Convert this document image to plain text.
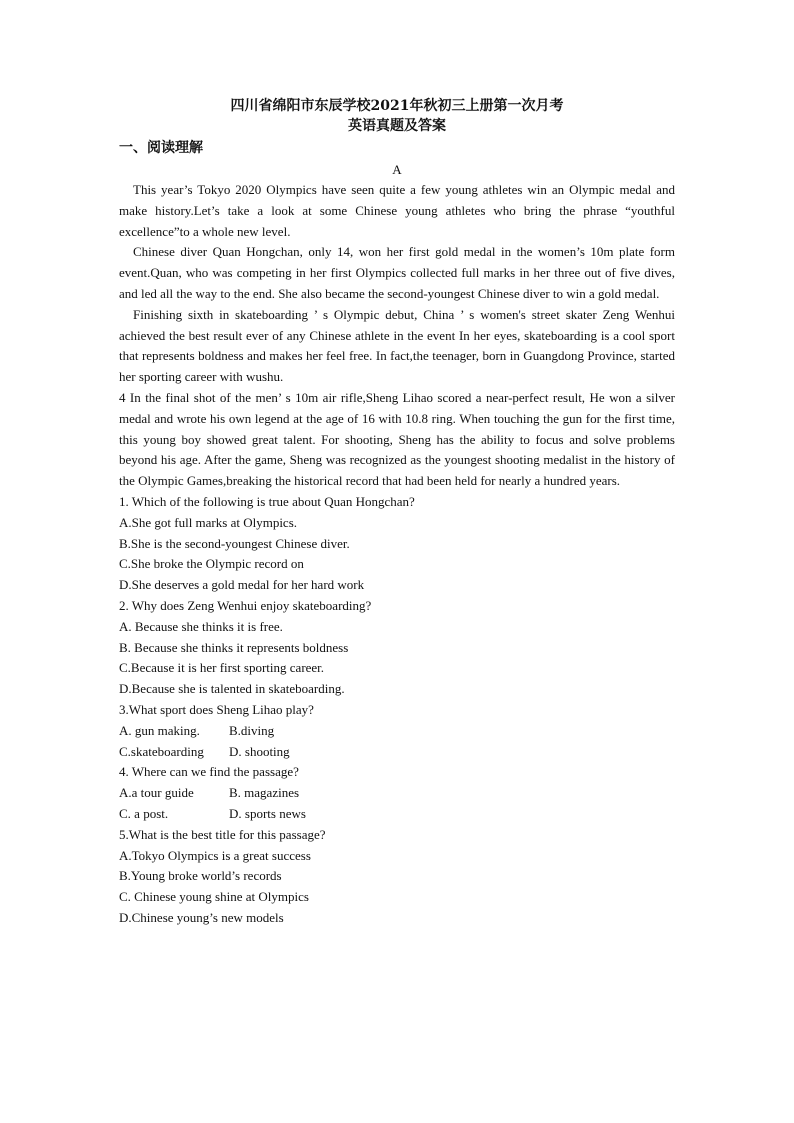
四川省绵阳市东辰学校2021年秋初三上册第一次月考
英语真题及答案
一、阅读理解
A

This year’s Tokyo 2020 Olympics have seen quite a few young athletes win an Olympic medal and make history.Let’s take a look at some Chinese young athletes who bring the phrase “youthful excellence”to a whole new level.

Chinese diver Quan Hongchan, only 14, won her first gold medal in the women’s 10m plate form event.Quan, who was competing in her first Olympics collected full marks in her three out of five dives, and led all the way to the end. She also became the second-youngest Chinese diver to win a gold medal.

Finishing sixth in skateboarding ’ s Olympic debut, China ’ s women's street skater Zeng Wenhui achieved the best result ever of any Chinese athlete in the event In her eyes, skateboarding is a cool sport that represents boldness and makes her feel free. In fact,the teenager, born in Guangdong Province, started her sporting career with wushu.

4 In the final shot of the men’ s 10m air rifle,Sheng Lihao scored a near-perfect result, He won a silver medal and wrote his own legend at the age of 16 with 10.8 ring. When touching the gun for the first time, this young boy showed great talent. For shooting, Sheng has the ability to focus and solve problems beyond his age. After the game, Sheng was recognized as the youngest shooting medalist in the history of the Olympic Games,breaking the historical record that had been held for nearly a hundred years.

1. Which of the following is true about Quan Hongchan?

A.She got full marks at Olympics.

B.She is the second-youngest Chinese diver.

C.She broke the Olympic record on

D.She deserves a gold medal for her hard work

2. Why does Zeng Wenhui enjoy skateboarding?

A. Because she thinks it is free.

B. Because she thinks it represents boldness

C.Because it is her first sporting career.

D.Because she is talented in skateboarding.

3.What sport does Sheng Lihao play?

A. gun making.	B.diving
C.skateboarding	D. shooting

4. Where can we find the passage?

A.a tour guide	B. magazines
C. a post.	D. sports news

5.What is the best title for this passage?

A.Tokyo Olympics is a great success

B.Young broke world’s records

C. Chinese young shine at Olympics

D.Chinese young’s new models
